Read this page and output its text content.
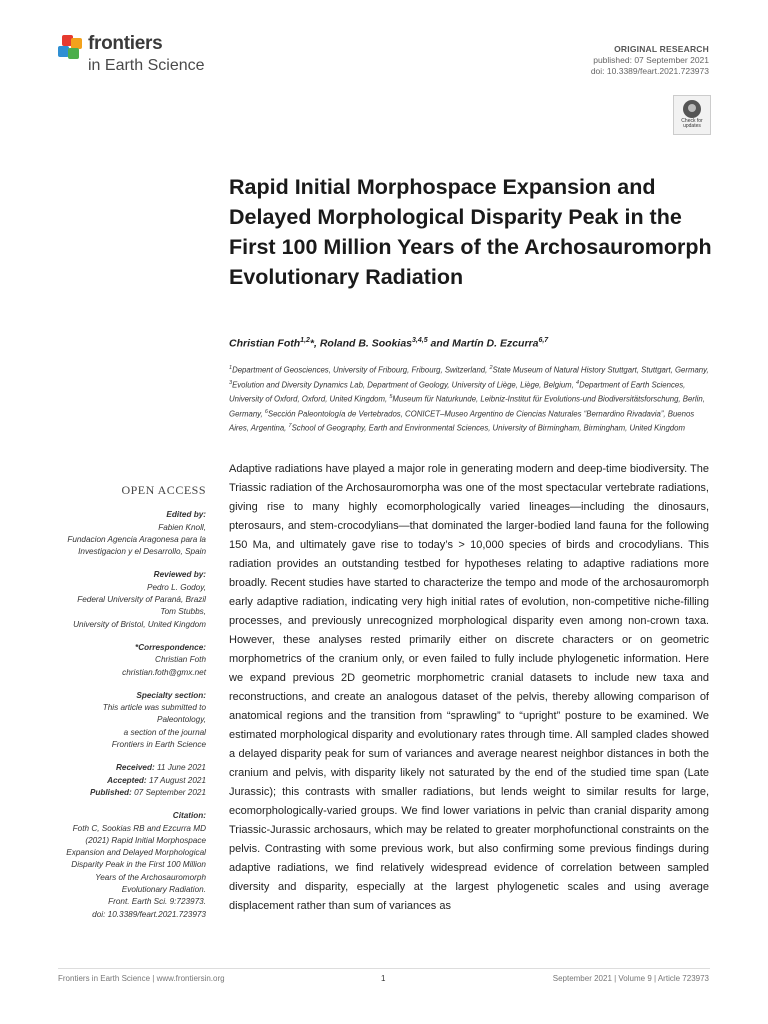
frontiers
in Earth Science
ORIGINAL RESEARCH
published: 07 September 2021
doi: 10.3389/feart.2021.723973
Check for
updates
Rapid Initial Morphospace Expansion and Delayed Morphological Disparity Peak in the First 100 Million Years of the Archosauromorph Evolutionary Radiation
Christian Foth$^{1,2}$*, Roland B. Sookias$^{3,4,5}$ and Martín D. Ezcurra$^{6,7}$
$^1$Department of Geosciences, University of Fribourg, Fribourg, Switzerland, $^2$State Museum of Natural History Stuttgart, Stuttgart, Germany, $^3$Evolution and Diversity Dynamics Lab, Department of Geology, University of Liège, Liège, Belgium, $^4$Department of Earth Sciences, University of Oxford, Oxford, United Kingdom, $^5$Museum für Naturkunde, Leibniz-Institut für Evolutions-und Biodiversitätsforschung, Berlin, Germany, $^6$Sección Paleontología de Vertebrados, CONICET–Museo Argentino de Ciencias Naturales “Bernardino Rivadavia”, Buenos Aires, Argentina, $^7$School of Geography, Earth and Environmental Sciences, University of Birmingham, Birmingham, United Kingdom
OPEN ACCESS
Edited by:
Fabien Knoll,
Fundacion Agencia Aragonesa para la
Investigacion y el Desarrollo, Spain
Reviewed by:
Pedro L. Godoy,
Federal University of Paraná, Brazil
Tom Stubbs,
University of Bristol, United Kingdom
*Correspondence:
Christian Foth
christian.foth@gmx.net
Specialty section:
This article was submitted to
Paleontology,
a section of the journal
Frontiers in Earth Science
Received: 11 June 2021
Accepted: 17 August 2021
Published: 07 September 2021
Citation:
Foth C, Sookias RB and Ezcurra MD
(2021) Rapid Initial Morphospace
Expansion and Delayed Morphological
Disparity Peak in the First 100 Million
Years of the Archosauromorph
Evolutionary Radiation.
Front. Earth Sci. 9:723973.
doi: 10.3389/feart.2021.723973

Adaptive radiations have played a major role in generating modern and deep-time biodiversity. The Triassic radiation of the Archosauromorpha was one of the most spectacular vertebrate radiations, giving rise to many highly ecomorphologically varied lineages—including the dinosaurs, pterosaurs, and stem-crocodylians—that dominated the larger-bodied land fauna for the following 150 Ma, and ultimately gave rise to today’s > 10,000 species of birds and crocodylians. This radiation provides an outstanding testbed for hypotheses relating to adaptive radiations more broadly. Recent studies have started to characterize the tempo and mode of the archosauromorph early adaptive radiation, indicating very high initial rates of evolution, non-competitive niche-filling processes, and previously unrecognized morphological disparity even among non-crown taxa. However, these analyses rested primarily either on discrete characters or on geometric morphometrics of the cranium only, or even failed to fully include phylogenetic information. Here we expand previous 2D geometric morphometric cranial datasets to include new taxa and reconstructions, and create an analogous dataset of the pelvis, thereby allowing comparison of anatomical regions and the transition from “sprawling” to “upright” posture to be examined. We estimated morphological disparity and evolutionary rates through time. All sampled clades showed a delayed disparity peak for sum of variances and average nearest neighbor distances in both the cranium and pelvis, with disparity likely not saturated by the end of the studied time span (Late Jurassic); this contrasts with smaller radiations, but lends weight to similar results for large, ecomorphologically-varied groups. We find lower variations in pelvic than cranial disparity among Triassic-Jurassic archosaurs, which may be related to greater morphofunctional constraints on the pelvis. Contrasting with some previous work, but also confirming some previous findings during adaptive radiations, we find relatively widespread evidence of correlation between sampled diversity and disparity, especially at the largest phylogenetic scales and using average displacement rather than sum of variances as

Frontiers in Earth Science | www.frontiersin.org	1	September 2021 | Volume 9 | Article 723973
